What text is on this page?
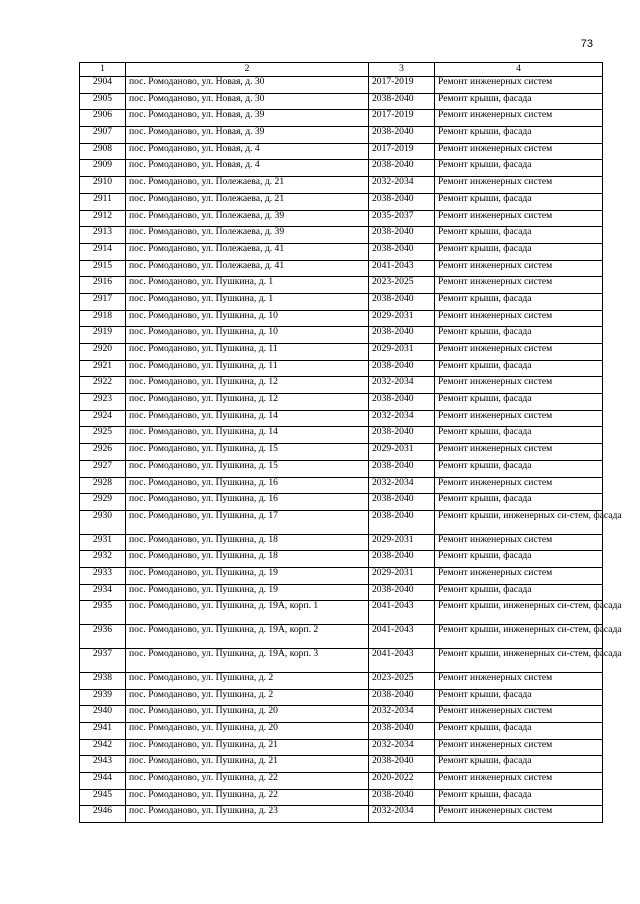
73
1	2	3	4
2904	пос. Ромоданово, ул. Новая, д. 30	2017-2019	Ремонт инженерных систем
2905	пос. Ромоданово, ул. Новая, д. 30	2038-2040	Ремонт крыши, фасада
2906	пос. Ромоданово, ул. Новая, д. 39	2017-2019	Ремонт инженерных систем
2907	пос. Ромоданово, ул. Новая, д. 39	2038-2040	Ремонт крыши, фасада
2908	пос. Ромоданово, ул. Новая, д. 4	2017-2019	Ремонт инженерных систем
2909	пос. Ромоданово, ул. Новая, д. 4	2038-2040	Ремонт крыши, фасада
2910	пос. Ромоданово, ул. Полежаева, д. 21	2032-2034	Ремонт инженерных систем
2911	пос. Ромоданово, ул. Полежаева, д. 21	2038-2040	Ремонт крыши, фасада
2912	пос. Ромоданово, ул. Полежаева, д. 39	2035-2037	Ремонт инженерных систем
2913	пос. Ромоданово, ул. Полежаева, д. 39	2038-2040	Ремонт крыши, фасада
2914	пос. Ромоданово, ул. Полежаева, д. 41	2038-2040	Ремонт крыши, фасада
2915	пос. Ромоданово, ул. Полежаева, д. 41	2041-2043	Ремонт инженерных систем
2916	пос. Ромоданово, ул. Пушкина, д. 1	2023-2025	Ремонт инженерных систем
2917	пос. Ромоданово, ул. Пушкина, д. 1	2038-2040	Ремонт крыши, фасада
2918	пос. Ромоданово, ул. Пушкина, д. 10	2029-2031	Ремонт инженерных систем
2919	пос. Ромоданово, ул. Пушкина, д. 10	2038-2040	Ремонт крыши, фасада
2920	пос. Ромоданово, ул. Пушкина, д. 11	2029-2031	Ремонт инженерных систем
2921	пос. Ромоданово, ул. Пушкина, д. 11	2038-2040	Ремонт крыши, фасада
2922	пос. Ромоданово, ул. Пушкина, д. 12	2032-2034	Ремонт инженерных систем
2923	пос. Ромоданово, ул. Пушкина, д. 12	2038-2040	Ремонт крыши, фасада
2924	пос. Ромоданово, ул. Пушкина, д. 14	2032-2034	Ремонт инженерных систем
2925	пос. Ромоданово, ул. Пушкина, д. 14	2038-2040	Ремонт крыши, фасада
2926	пос. Ромоданово, ул. Пушкина, д. 15	2029-2031	Ремонт инженерных систем
2927	пос. Ромоданово, ул. Пушкина, д. 15	2038-2040	Ремонт крыши, фасада
2928	пос. Ромоданово, ул. Пушкина, д. 16	2032-2034	Ремонт инженерных систем
2929	пос. Ромоданово, ул. Пушкина, д. 16	2038-2040	Ремонт крыши, фасада
2930	пос. Ромоданово, ул. Пушкина, д. 17	2038-2040	Ремонт крыши, инженерных си-стем, фасада
2931	пос. Ромоданово, ул. Пушкина, д. 18	2029-2031	Ремонт инженерных систем
2932	пос. Ромоданово, ул. Пушкина, д. 18	2038-2040	Ремонт крыши, фасада
2933	пос. Ромоданово, ул. Пушкина, д. 19	2029-2031	Ремонт инженерных систем
2934	пос. Ромоданово, ул. Пушкина, д. 19	2038-2040	Ремонт крыши, фасада
2935	пос. Ромоданово, ул. Пушкина, д. 19А, корп. 1	2041-2043	Ремонт крыши, инженерных си-стем, фасада
2936	пос. Ромоданово, ул. Пушкина, д. 19А, корп. 2	2041-2043	Ремонт крыши, инженерных си-стем, фасада
2937	пос. Ромоданово, ул. Пушкина, д. 19А, корп. 3	2041-2043	Ремонт крыши, инженерных си-стем, фасада
2938	пос. Ромоданово, ул. Пушкина, д. 2	2023-2025	Ремонт инженерных систем
2939	пос. Ромоданово, ул. Пушкина, д. 2	2038-2040	Ремонт крыши, фасада
2940	пос. Ромоданово, ул. Пушкина, д. 20	2032-2034	Ремонт инженерных систем
2941	пос. Ромоданово, ул. Пушкина, д. 20	2038-2040	Ремонт крыши, фасада
2942	пос. Ромоданово, ул. Пушкина, д. 21	2032-2034	Ремонт инженерных систем
2943	пос. Ромоданово, ул. Пушкина, д. 21	2038-2040	Ремонт крыши, фасада
2944	пос. Ромоданово, ул. Пушкина, д. 22	2020-2022	Ремонт инженерных систем
2945	пос. Ромоданово, ул. Пушкина, д. 22	2038-2040	Ремонт крыши, фасада
2946	пос. Ромоданово, ул. Пушкина, д. 23	2032-2034	Ремонт инженерных систем
